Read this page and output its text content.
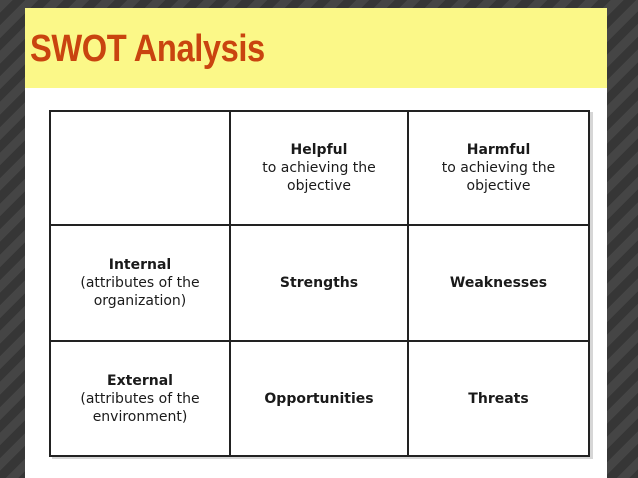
SWOT Analysis

	Helpful
to achieving the
objective	Harmful
to achieving the
objective

Internal
(attributes of the
organization)	Strengths	Weaknesses

External
(attributes of the
environment)	Opportunities	Threats
